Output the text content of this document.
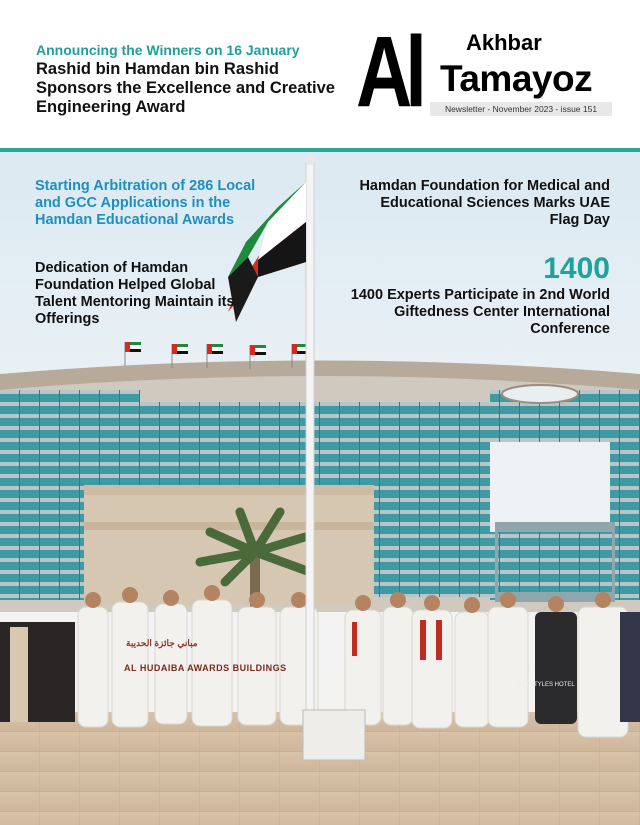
Announcing the Winners on 16 January
Rashid bin Hamdan bin Rashid Sponsors the Excellence and Creative Engineering Award	Al Akhbar
Tamayoz
Newsletter - November 2023 - issue 151
مباني جائزة الحديبة
AL HUDAIBA AWARDS BUILDINGS
IBIS STYLES HOTEL
Starting Arbitration of 286 Local and GCC Applications in the Hamdan Educational Awards
Dedication of Hamdan Foundation Helped Global Talent Mentoring Maintain its Offerings
Hamdan Foundation for Medical and Educational Sciences Marks UAE Flag Day
1400
1400 Experts Participate in 2nd World Giftedness Center International Conference
